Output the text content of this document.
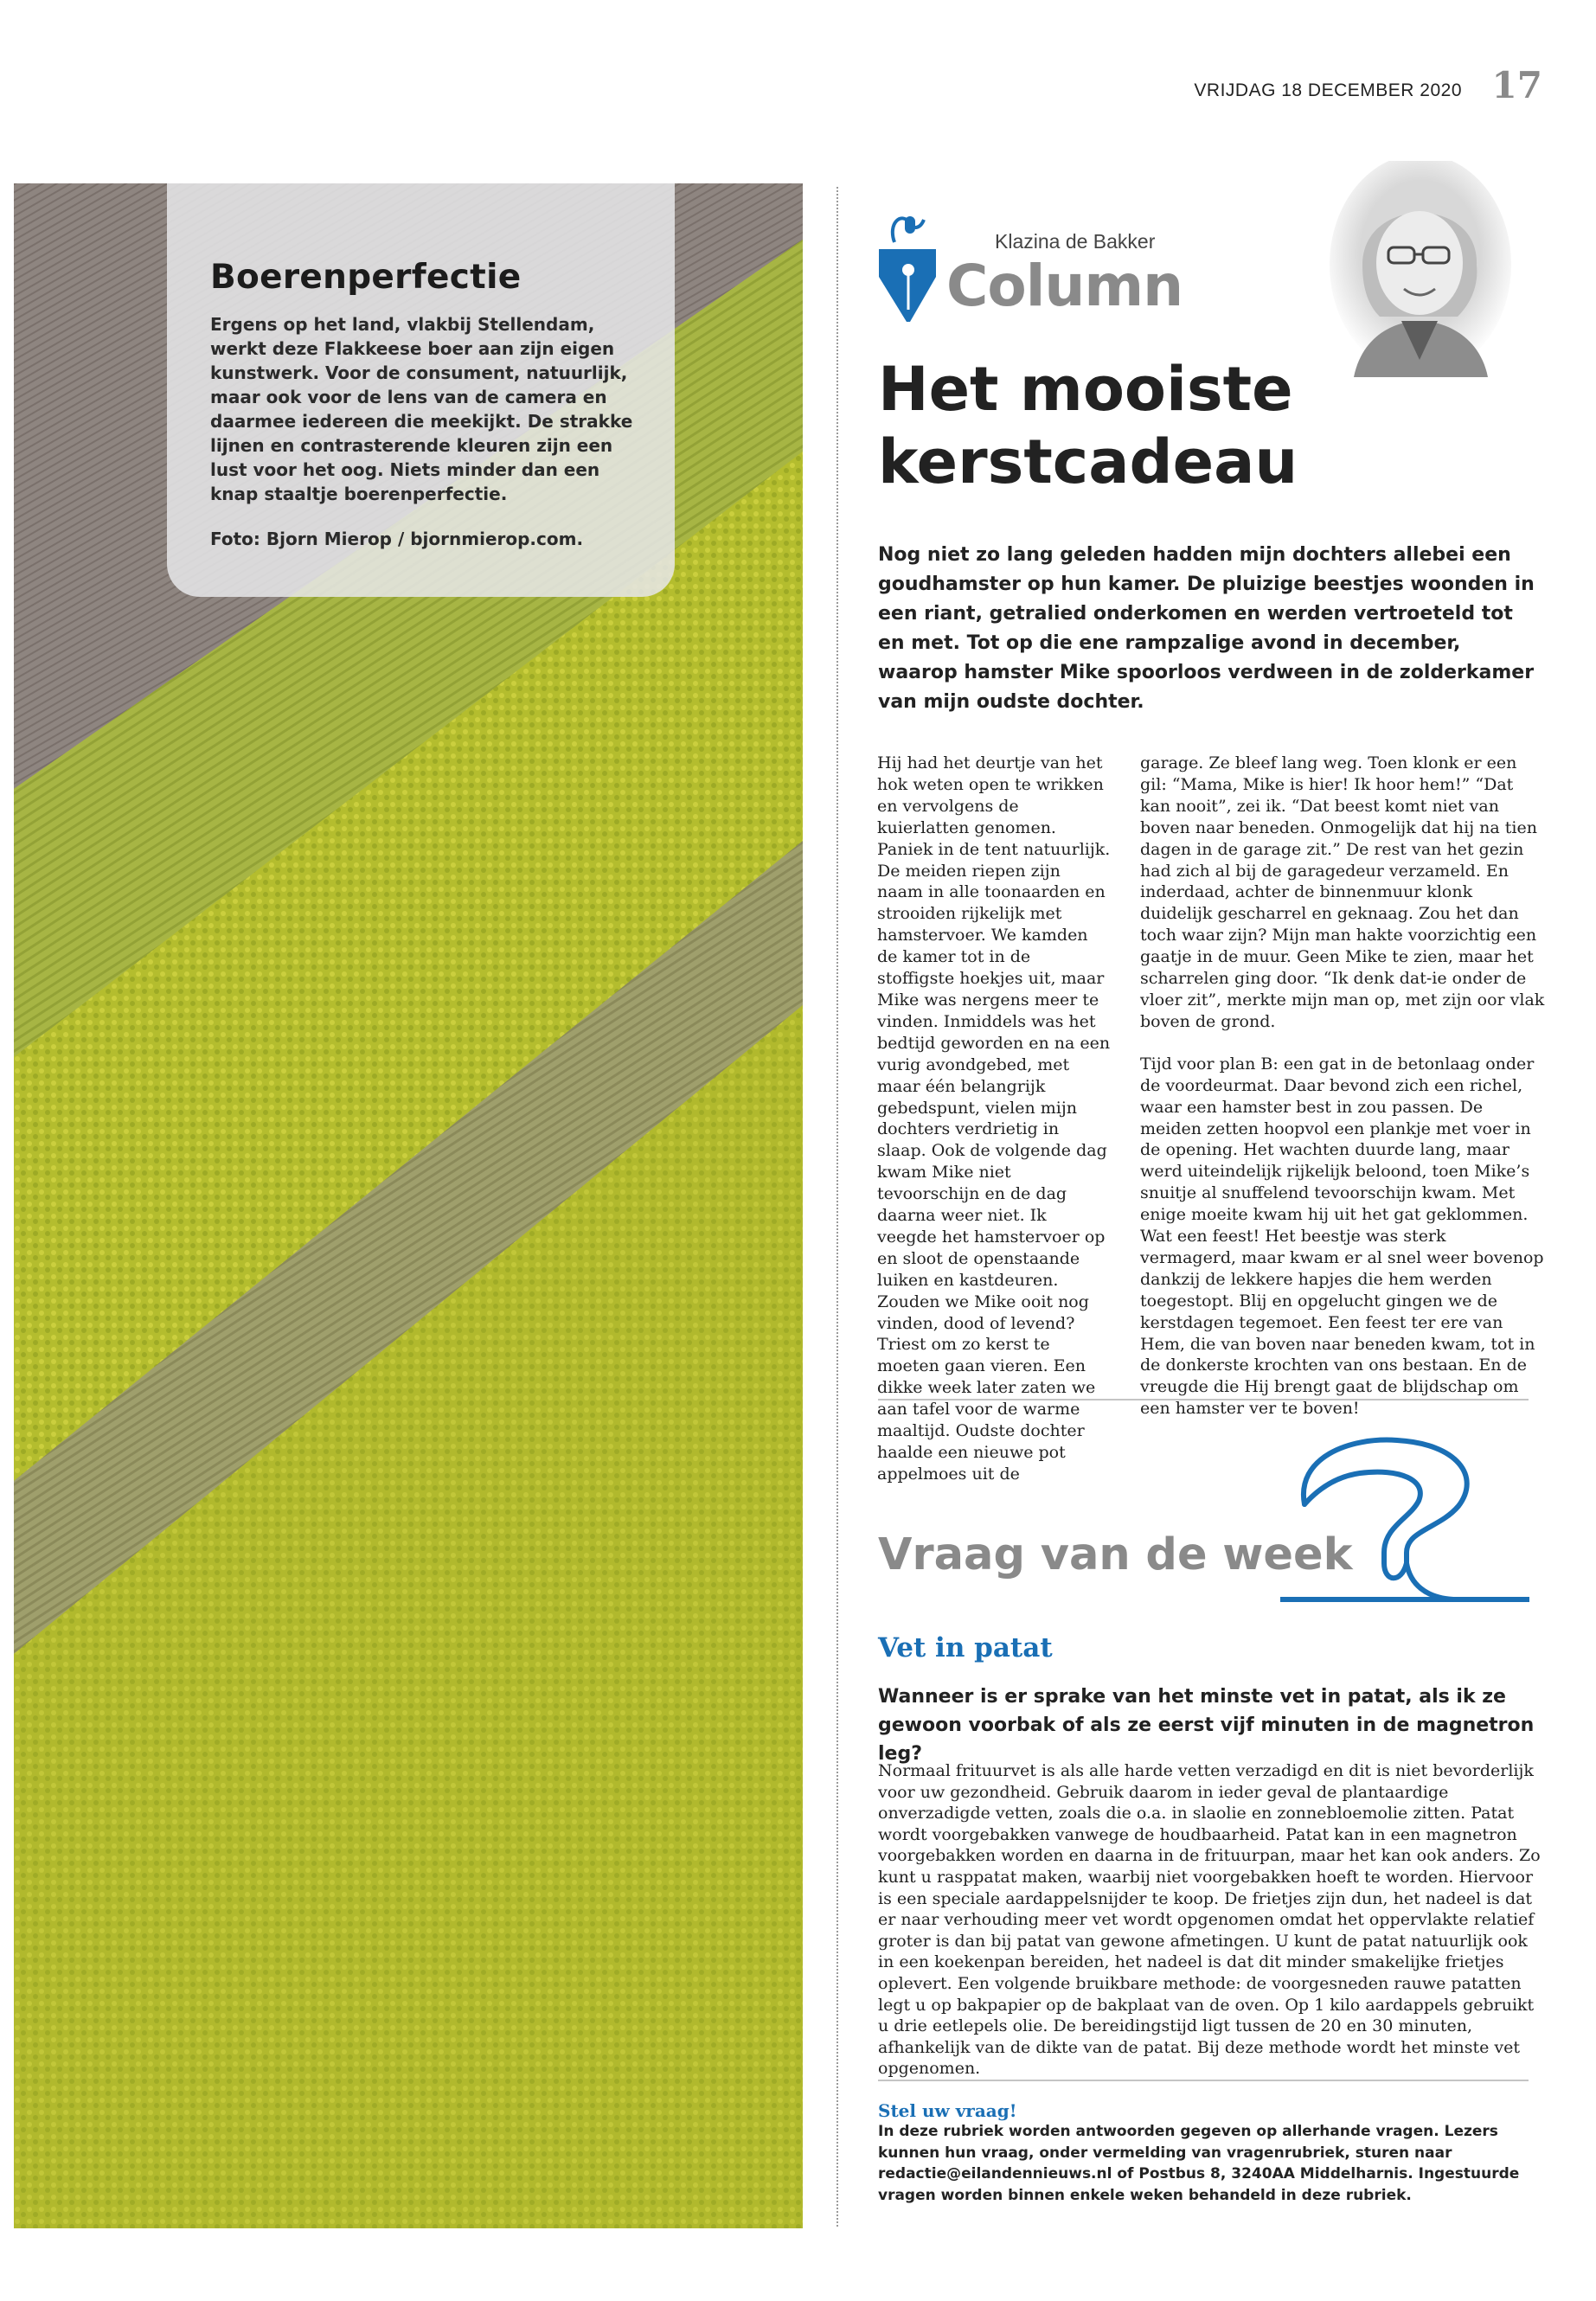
VRIJDAG 18 DECEMBER 2020 17
Boerenperfectie

Ergens op het land, vlakbij Stellendam, werkt deze Flakkeese boer aan zijn eigen kunstwerk. Voor de consument, natuurlijk, maar ook voor de lens van de camera en daarmee iedereen die meekijkt. De strakke lijnen en contrasterende kleuren zijn een lust voor het oog. Niets minder dan een knap staaltje boerenperfectie.

Foto: Bjorn Mierop / bjornmierop.com.
Klazina de Bakker
Column
Het mooiste kerstcadeau

Nog niet zo lang geleden hadden mijn dochters allebei een goudhamster op hun kamer. De pluizige beestjes woonden in een riant, getralied onderkomen en werden vertroeteld tot en met. Tot op die ene rampzalige avond in december, waarop hamster Mike spoorloos verdween in de zolderkamer van mijn oudste dochter.

Hij had het deurtje van het hok weten open te wrikken en vervolgens de kuierlatten genomen. Paniek in de tent natuurlijk. De meiden riepen zijn naam in alle toonaarden en strooiden rijkelijk met hamstervoer. We kamden de kamer tot in de stoffigste hoekjes uit, maar Mike was nergens meer te vinden. Inmiddels was het bedtijd geworden en na een vurig avondgebed, met maar één belangrijk gebedspunt, vielen mijn dochters verdrietig in slaap. Ook de volgende dag kwam Mike niet tevoorschijn en de dag daarna weer niet. Ik veegde het hamstervoer op en sloot de openstaande luiken en kastdeuren. Zouden we Mike ooit nog vinden, dood of levend? Triest om zo kerst te moeten gaan vieren. Een dikke week later zaten we aan tafel voor de warme maaltijd. Oudste dochter haalde een nieuwe pot appelmoes uit de

garage. Ze bleef lang weg. Toen klonk er een gil: “Mama, Mike is hier! Ik hoor hem!” “Dat kan nooit”, zei ik. “Dat beest komt niet van boven naar beneden. Onmogelijk dat hij na tien dagen in de garage zit.” De rest van het gezin had zich al bij de garagedeur verzameld. En inderdaad, achter de binnenmuur klonk duidelijk gescharrel en geknaag. Zou het dan toch waar zijn? Mijn man hakte voorzichtig een gaatje in de muur. Geen Mike te zien, maar het scharrelen ging door. “Ik denk dat-ie onder de vloer zit”, merkte mijn man op, met zijn oor vlak boven de grond.

Tijd voor plan B: een gat in de betonlaag onder de voordeurmat. Daar bevond zich een richel, waar een hamster best in zou passen. De meiden zetten hoopvol een plankje met voer in de opening. Het wachten duurde lang, maar werd uiteindelijk rijkelijk beloond, toen Mike’s snuitje al snuffelend tevoorschijn kwam. Met enige moeite kwam hij uit het gat geklommen. Wat een feest! Het beestje was sterk vermagerd, maar kwam er al snel weer bovenop dankzij de lekkere hapjes die hem werden toegestopt. Blij en opgelucht gingen we de kerstdagen tegemoet. Een feest ter ere van Hem, die van boven naar beneden kwam, tot in de donkerste krochten van ons bestaan. En de vreugde die Hij brengt gaat de blijdschap om een hamster ver te boven!

Vraag van de week
Vet in patat

Wanneer is er sprake van het minste vet in patat, als ik ze gewoon voorbak of als ze eerst vijf minuten in de magnetron leg?

Normaal frituurvet is als alle harde vetten verzadigd en dit is niet bevorderlijk voor uw gezondheid. Gebruik daarom in ieder geval de plantaardige onverzadigde vetten, zoals die o.a. in slaolie en zonnebloemolie zitten. Patat wordt voorgebakken vanwege de houdbaarheid. Patat kan in een magnetron voorgebakken worden en daarna in de frituurpan, maar het kan ook anders. Zo kunt u rasppatat maken, waarbij niet voorgebakken hoeft te worden. Hiervoor is een speciale aardappelsnijder te koop. De frietjes zijn dun, het nadeel is dat er naar verhouding meer vet wordt opgenomen omdat het oppervlakte relatief groter is dan bij patat van gewone afmetingen. U kunt de patat natuurlijk ook in een koekenpan bereiden, het nadeel is dat dit minder smakelijke frietjes oplevert. Een volgende bruikbare methode: de voorgesneden rauwe patatten legt u op bakpapier op de bakplaat van de oven. Op 1 kilo aardappels gebruikt u drie eetlepels olie. De bereidingstijd ligt tussen de 20 en 30 minuten, afhankelijk van de dikte van de patat. Bij deze methode wordt het minste vet opgenomen.

Stel uw vraag!

In deze rubriek worden antwoorden gegeven op allerhande vragen. Lezers kunnen hun vraag, onder vermelding van vragenrubriek, sturen naar redactie@eilandennieuws.nl of Postbus 8, 3240AA Middelharnis. Ingestuurde vragen worden binnen enkele weken behandeld in deze rubriek.
